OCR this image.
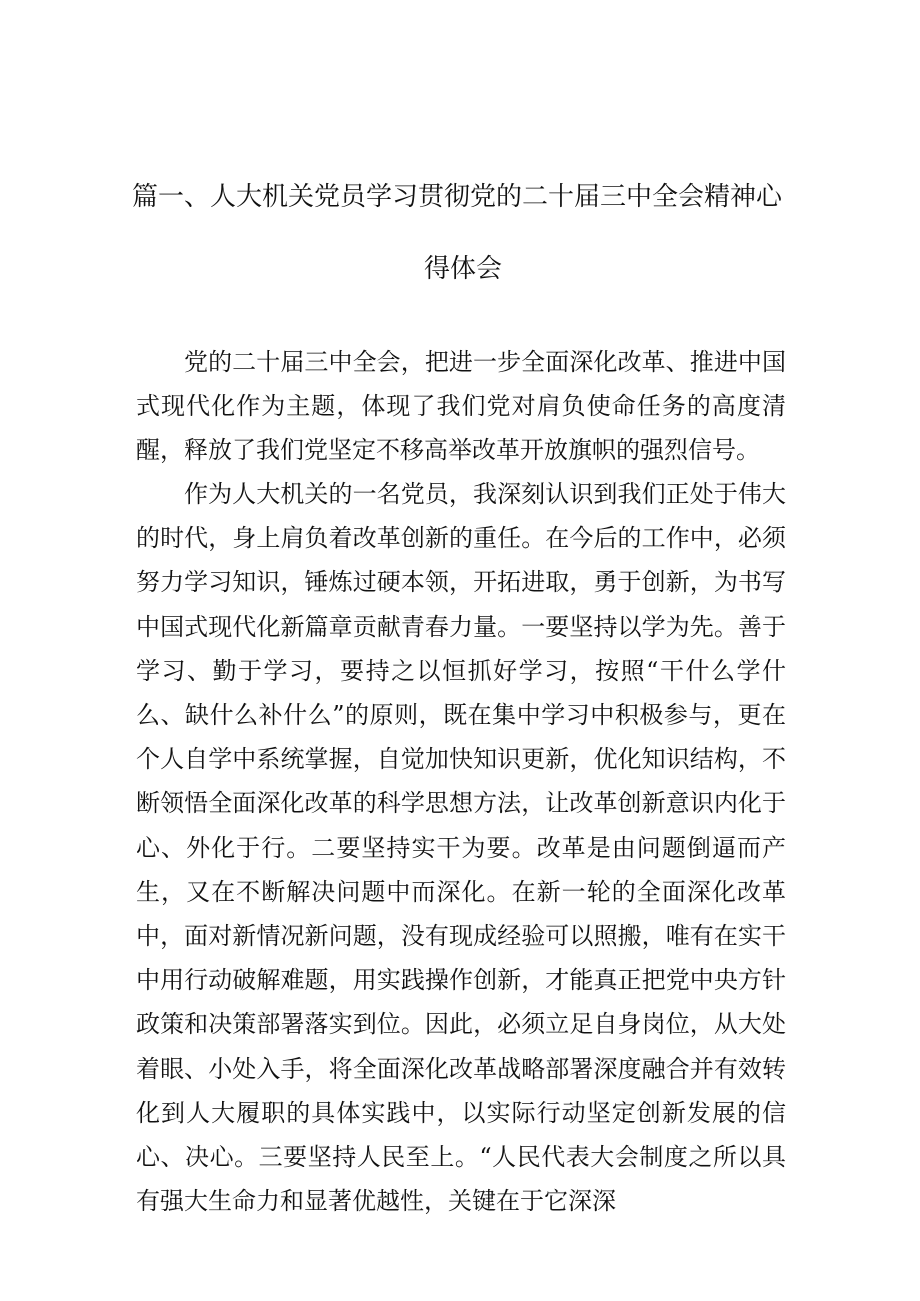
篇一、人大机关党员学习贯彻党的二十届三中全会精神心
得体会

党的二十届三中全会，把进一步全面深化改革、推进中国式现代化作为主题，体现了我们党对肩负使命任务的高度清醒，释放了我们党坚定不移高举改革开放旗帜的强烈信号。

作为人大机关的一名党员，我深刻认识到我们正处于伟大的时代，身上肩负着改革创新的重任。在今后的工作中，必须努力学习知识，锤炼过硬本领，开拓进取，勇于创新，为书写中国式现代化新篇章贡献青春力量。一要坚持以学为先。善于学习、勤于学习，要持之以恒抓好学习，按照“干什么学什么、缺什么补什么”的原则，既在集中学习中积极参与，更在个人自学中系统掌握，自觉加快知识更新，优化知识结构，不断领悟全面深化改革的科学思想方法，让改革创新意识内化于心、外化于行。二要坚持实干为要。改革是由问题倒逼而产生，又在不断解决问题中而深化。在新一轮的全面深化改革中，面对新情况新问题，没有现成经验可以照搬，唯有在实干中用行动破解难题，用实践操作创新，才能真正把党中央方针政策和决策部署落实到位。因此，必须立足自身岗位，从大处着眼、小处入手，将全面深化改革战略部署深度融合并有效转化到人大履职的具体实践中，以实际行动坚定创新发展的信心、决心。三要坚持人民至上。“人民代表大会制度之所以具有强大生命力和显著优越性，关键在于它深深
